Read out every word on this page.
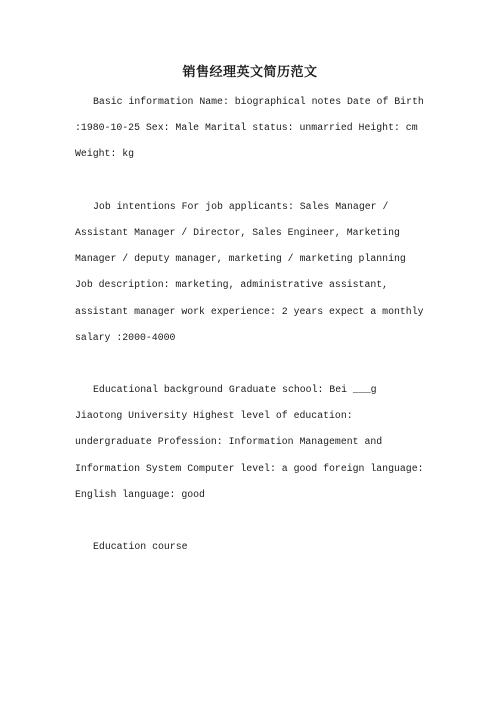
销售经理英文简历范文
Basic information Name: biographical notes Date of Birth
:1980-10-25 Sex: Male Marital status: unmarried Height: cm
Weight: kg
Job intentions For job applicants: Sales Manager /
Assistant Manager / Director, Sales Engineer, Marketing
Manager / deputy manager, marketing / marketing planning
Job description: marketing, administrative assistant,
assistant manager work experience: 2 years expect a monthly
salary :2000-4000
Educational background Graduate school: Bei ___g
Jiaotong University Highest level of education:
undergraduate Profession: Information Management and
Information System Computer level: a good foreign language:
English language: good
Education course
